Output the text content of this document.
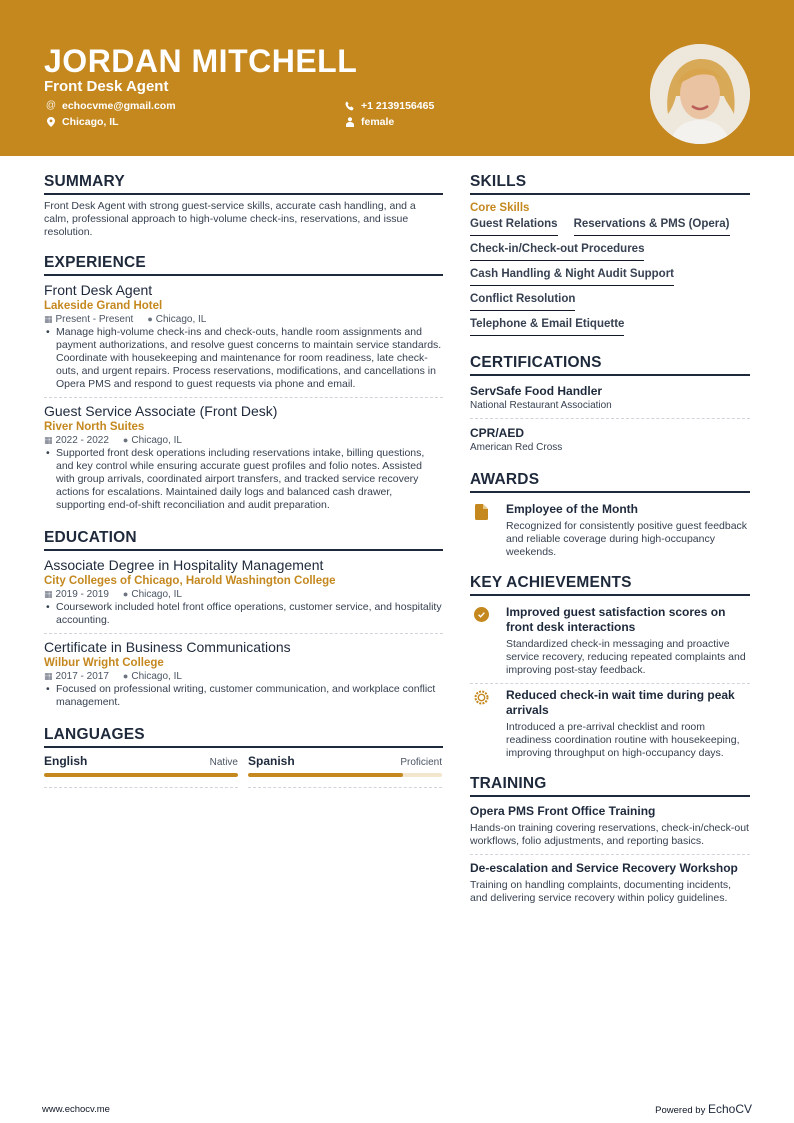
JORDAN MITCHELL
Front Desk Agent
@ echocvme@gmail.com
Chicago, IL
+1 2139156465
female
SUMMARY

Front Desk Agent with strong guest-service skills, accurate cash handling, and a calm, professional approach to high-volume check-ins, reservations, and issue resolution.

EXPERIENCE
Front Desk Agent
Lakeside Grand Hotel
▦ Present - Present ● Chicago, IL
• Manage high-volume check-ins and check-outs, handle room assignments and payment authorizations, and resolve guest concerns to maintain service standards. Coordinate with housekeeping and maintenance for room readiness, late check-outs, and urgent repairs. Process reservations, modifications, and cancellations in Opera PMS and respond to guest requests via phone and email.
Guest Service Associate (Front Desk)
River North Suites
▦ 2022 - 2022 ● Chicago, IL
• Supported front desk operations including reservations intake, billing questions, and key control while ensuring accurate guest profiles and folio notes. Assisted with group arrivals, coordinated airport transfers, and tracked service recovery actions for escalations. Maintained daily logs and balanced cash drawer, supporting end-of-shift reconciliation and audit preparation.
EDUCATION
Associate Degree in Hospitality Management
City Colleges of Chicago, Harold Washington College
▦ 2019 - 2019 ● Chicago, IL
• Coursework included hotel front office operations, customer service, and hospitality accounting.
Certificate in Business Communications
Wilbur Wright College
▦ 2017 - 2017 ● Chicago, IL
• Focused on professional writing, customer communication, and workplace conflict management.
LANGUAGES
English	Native Spanish	Proficient
SKILLS
Core Skills
Guest Relations Reservations & PMS (Opera)
Check-in/Check-out Procedures
Cash Handling & Night Audit Support
Conflict Resolution
Telephone & Email Etiquette
CERTIFICATIONS
ServSafe Food Handler
National Restaurant Association
CPR/AED
American Red Cross
AWARDS
Employee of the Month
Recognized for consistently positive guest feedback and reliable coverage during high-occupancy weekends.
KEY ACHIEVEMENTS
Improved guest satisfaction scores on front desk interactions
Standardized check-in messaging and proactive service recovery, reducing repeated complaints and improving post-stay feedback.
Reduced check-in wait time during peak arrivals
Introduced a pre-arrival checklist and room readiness coordination routine with housekeeping, improving throughput on high-occupancy days.
TRAINING
Opera PMS Front Office Training
Hands-on training covering reservations, check-in/check-out workflows, folio adjustments, and reporting basics.
De-escalation and Service Recovery Workshop
Training on handling complaints, documenting incidents, and delivering service recovery within policy guidelines.
www.echocv.me	Powered by EchoCV
